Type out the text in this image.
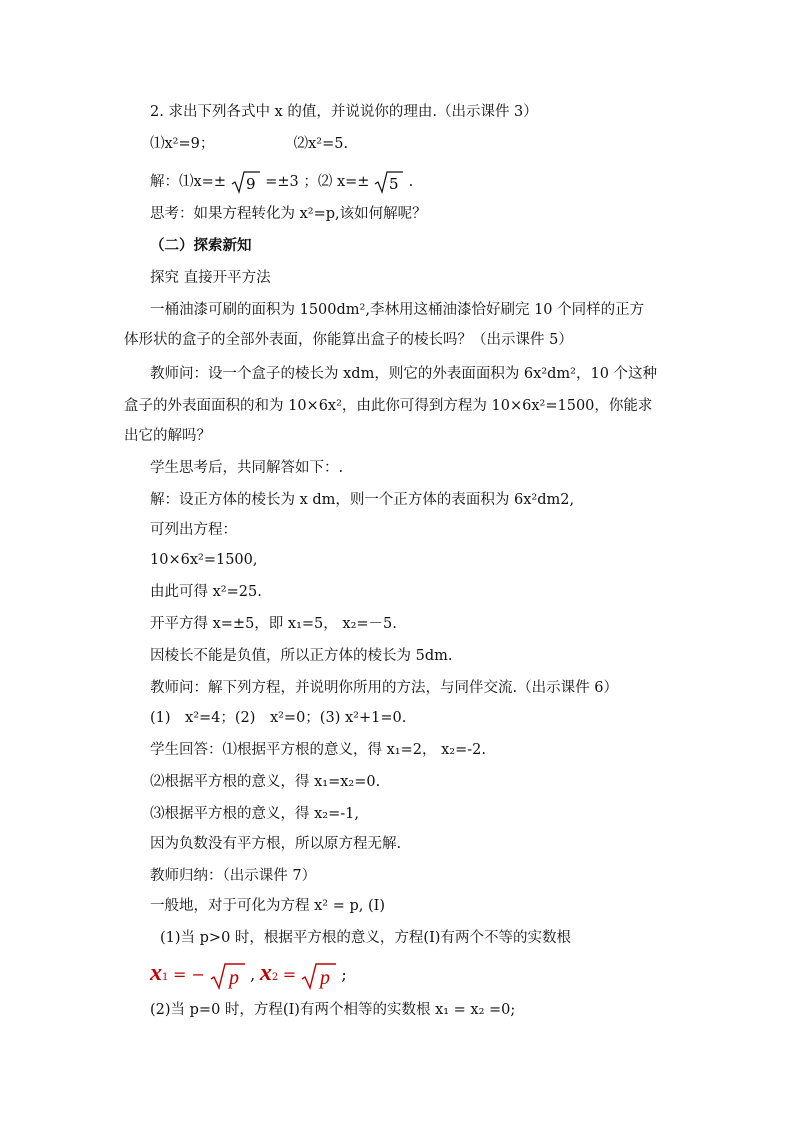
2. 求出下列各式中 x 的值，并说说你的理由.（出示课件 3）
⑴x²=9；	⑵x²=5.
解：⑴x=± 9 =±3 ；⑵ x=± 5 .
思考：如果方程转化为 x²=p,该如何解呢？
（二）探索新知
探究 直接开平方法
一桶油漆可刷的面积为 1500dm²,李林用这桶油漆恰好刷完 10 个同样的正方
体形状的盒子的全部外表面，你能算出盒子的棱长吗？（出示课件 5）
教师问：设一个盒子的棱长为 xdm，则它的外表面面积为 6x²dm²，10 个这种
盒子的外表面面积的和为 10×6x²，由此你可得到方程为 10×6x²=1500，你能求
出它的解吗？
学生思考后，共同解答如下：.
解：设正方体的棱长为 x dm，则一个正方体的表面积为 6x²dm2,
可列出方程：
10×6x²=1500,
由此可得 x²=25.
开平方得 x=±5，即 x₁=5， x₂=－5.
因棱长不能是负值，所以正方体的棱长为 5dm.
教师问：解下列方程，并说明你所用的方法，与同伴交流.（出示课件 6）
(1)　x²=4；(2)　x²=0；(3) x²+1=0.
学生回答：⑴根据平方根的意义，得 x₁=2， x₂=-2.
⑵根据平方根的意义，得 x₁=x₂=0.
⑶根据平方根的意义，得 x₂=-1,
因为负数没有平方根，所以原方程无解.
教师归纳：（出示课件 7）
一般地，对于可化为方程 x² = p, (I)
(1)当 p>0 时，根据平方根的意义，方程(I)有两个不等的实数根
x1 = − p , x2 = p ;
(2)当 p=0 时，方程(I)有两个相等的实数根 x₁ = x₂ =0;
